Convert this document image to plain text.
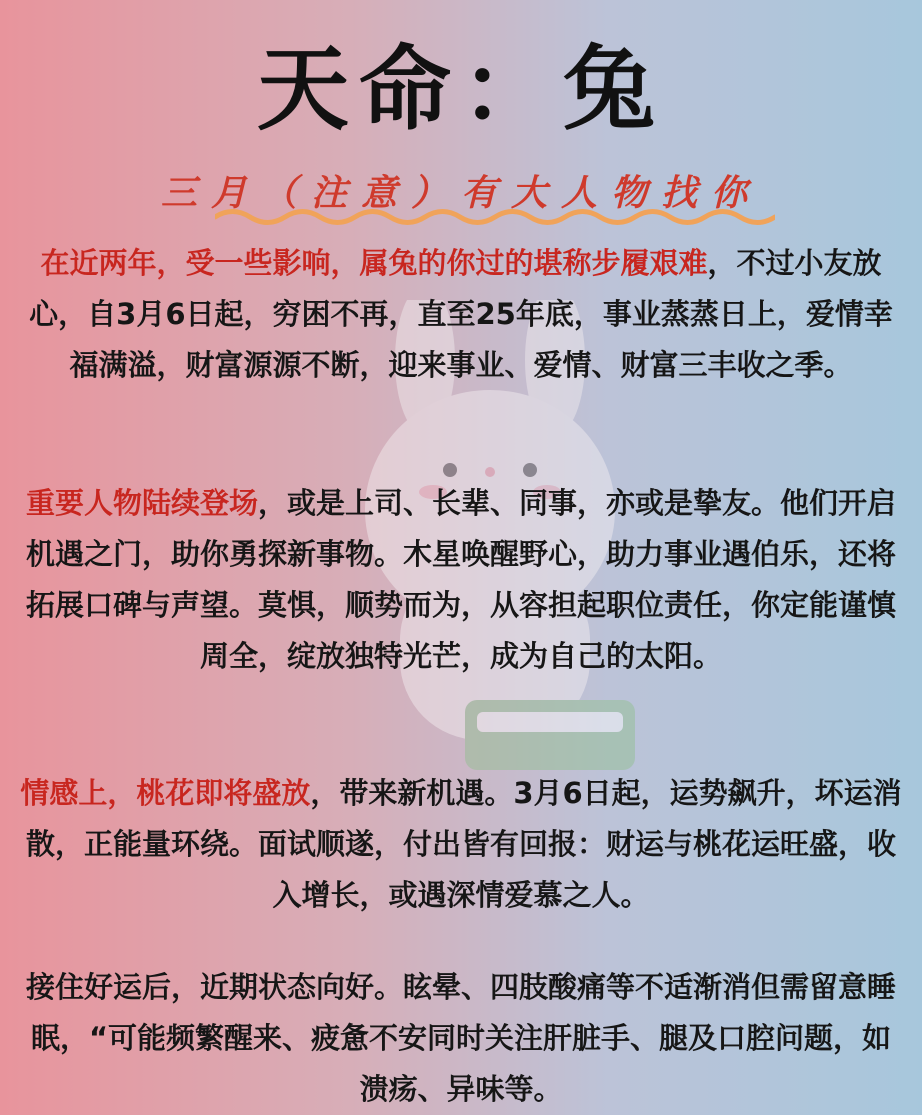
天命：兔
三月（注意）有大人物找你
在近两年，受一些影响，属兔的你过的堪称步履艰难，不过小友放心，自3月6日起，穷困不再，直至25年底，事业蒸蒸日上，爱情幸福满溢，财富源源不断，迎来事业、爱情、财富三丰收之季。
重要人物陆续登场，或是上司、长辈、同事，亦或是挚友。他们开启机遇之门，助你勇探新事物。木星唤醒野心，助力事业遇伯乐，还将拓展口碑与声望。莫惧，顺势而为，从容担起职位责任，你定能谨慎周全，绽放独特光芒，成为自己的太阳。
情感上，桃花即将盛放，带来新机遇。3月6日起，运势飙升，坏运消散，正能量环绕。面试顺遂，付出皆有回报：财运与桃花运旺盛，收入增长，或遇深情爱慕之人。
接住好运后，近期状态向好。眩晕、四肢酸痛等不适渐消但需留意睡眠，“可能频繁醒来、疲惫不安同时关注肝脏手、腿及口腔问题，如溃疡、异味等。
